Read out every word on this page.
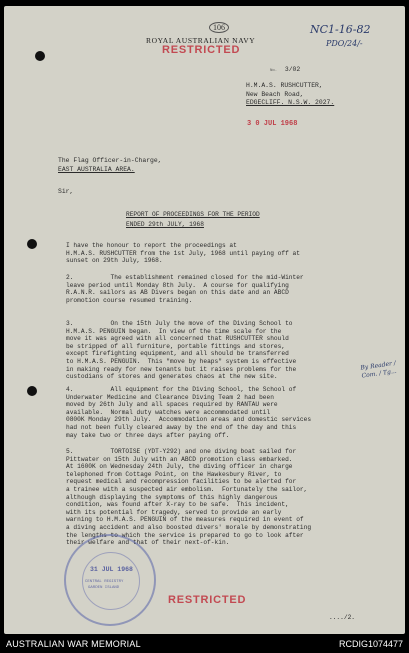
106
ROYAL AUSTRALIAN NAVY
RESTRICTED
NC1-16-82
PDO/24/-
No. 3/02
H.M.A.S. RUSHCUTTER,
New Beach Road,
EDGECLIFF. N.S.W. 2027.
3 0 JUL 1968
The Flag Officer-in-Charge,
EAST AUSTRALIA AREA.
Sir,
REPORT OF PROCEEDINGS FOR THE PERIOD
ENDED 29th JULY, 1968
I have the honour to report the proceedings at
H.M.A.S. RUSHCUTTER from the 1st July, 1968 until paying off at
sunset on 29th July, 1968.
2.          The establishment remained closed for the mid-Winter
leave period until Monday 8th July.  A course for qualifying
R.A.N.R. sailors as AB Divers began on this date and an ABCD
promotion course resumed training.
3.          On the 15th July the move of the Diving School to
H.M.A.S. PENGUIN began.  In view of the time scale for the
move it was agreed with all concerned that RUSHCUTTER should
be stripped of all furniture, portable fittings and stores,
except firefighting equipment, and all should be transferred
to H.M.A.S. PENGUIN.  This "move by heaps" system is effective
in making ready for new tenants but it raises problems for the
custodians of stores and generates chaos at the new site.
4.          All equipment for the Diving School, the School of
Underwater Medicine and Clearance Diving Team 2 had been
moved by 26th July and all spaces required by RANTAU were
available.  Normal duty watches were accommodated until
0800K Monday 29th July.  Accommodation areas and domestic services
had not been fully cleared away by the end of the day and this
may take two or three days after paying off.
5.          TORTOISE (YDT-Y292) and one diving boat sailed for
Pittwater on 15th July with an ABCD promotion class embarked.
At 1600K on Wednesday 24th July, the diving officer in charge
telephoned from Cottage Point, on the Hawkesbury River, to
request medical and recompression facilities to be alerted for
a trainee with a suspected air embolism.  Fortunately the sailor,
although displaying the symptoms of this highly dangerous
condition, was found after X-ray to be safe.  This incident,
with its potential for tragedy, served to provide an early
warning to H.M.A.S. PENGUIN of the measures required in event of
a diving accident and also boosted divers' morale by demonstrating
the lengths to which the service is prepared to go to look after
their welfare and that of their next-of-kin.
By Reader / Com. / Tg...
31 JUL 1968
CENTRAL REGISTRY
GARDEN ISLAND
RESTRICTED
..../2.
AUSTRALIAN WAR MEMORIAL	RCDIG1074477
